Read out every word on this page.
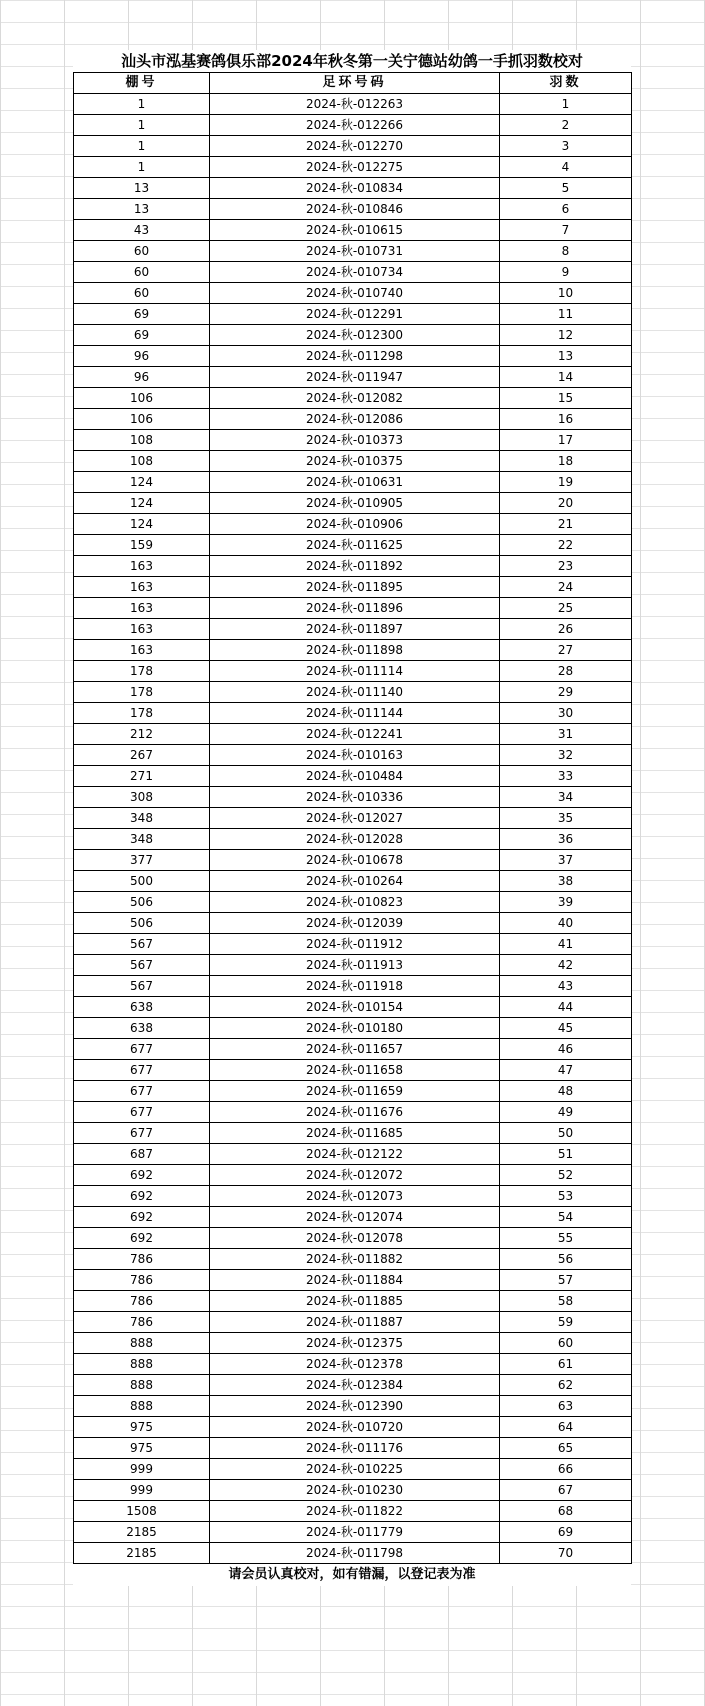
汕头市泓基赛鸽俱乐部2024年秋冬第一关宁德站幼鸽一手抓羽数校对
棚号	足环号码	羽数
1	2024-秋-012263	1
1	2024-秋-012266	2
1	2024-秋-012270	3
1	2024-秋-012275	4
13	2024-秋-010834	5
13	2024-秋-010846	6
43	2024-秋-010615	7
60	2024-秋-010731	8
60	2024-秋-010734	9
60	2024-秋-010740	10
69	2024-秋-012291	11
69	2024-秋-012300	12
96	2024-秋-011298	13
96	2024-秋-011947	14
106	2024-秋-012082	15
106	2024-秋-012086	16
108	2024-秋-010373	17
108	2024-秋-010375	18
124	2024-秋-010631	19
124	2024-秋-010905	20
124	2024-秋-010906	21
159	2024-秋-011625	22
163	2024-秋-011892	23
163	2024-秋-011895	24
163	2024-秋-011896	25
163	2024-秋-011897	26
163	2024-秋-011898	27
178	2024-秋-011114	28
178	2024-秋-011140	29
178	2024-秋-011144	30
212	2024-秋-012241	31
267	2024-秋-010163	32
271	2024-秋-010484	33
308	2024-秋-010336	34
348	2024-秋-012027	35
348	2024-秋-012028	36
377	2024-秋-010678	37
500	2024-秋-010264	38
506	2024-秋-010823	39
506	2024-秋-012039	40
567	2024-秋-011912	41
567	2024-秋-011913	42
567	2024-秋-011918	43
638	2024-秋-010154	44
638	2024-秋-010180	45
677	2024-秋-011657	46
677	2024-秋-011658	47
677	2024-秋-011659	48
677	2024-秋-011676	49
677	2024-秋-011685	50
687	2024-秋-012122	51
692	2024-秋-012072	52
692	2024-秋-012073	53
692	2024-秋-012074	54
692	2024-秋-012078	55
786	2024-秋-011882	56
786	2024-秋-011884	57
786	2024-秋-011885	58
786	2024-秋-011887	59
888	2024-秋-012375	60
888	2024-秋-012378	61
888	2024-秋-012384	62
888	2024-秋-012390	63
975	2024-秋-010720	64
975	2024-秋-011176	65
999	2024-秋-010225	66
999	2024-秋-010230	67
1508	2024-秋-011822	68
2185	2024-秋-011779	69
2185	2024-秋-011798	70
请会员认真校对，如有错漏，以登记表为准
